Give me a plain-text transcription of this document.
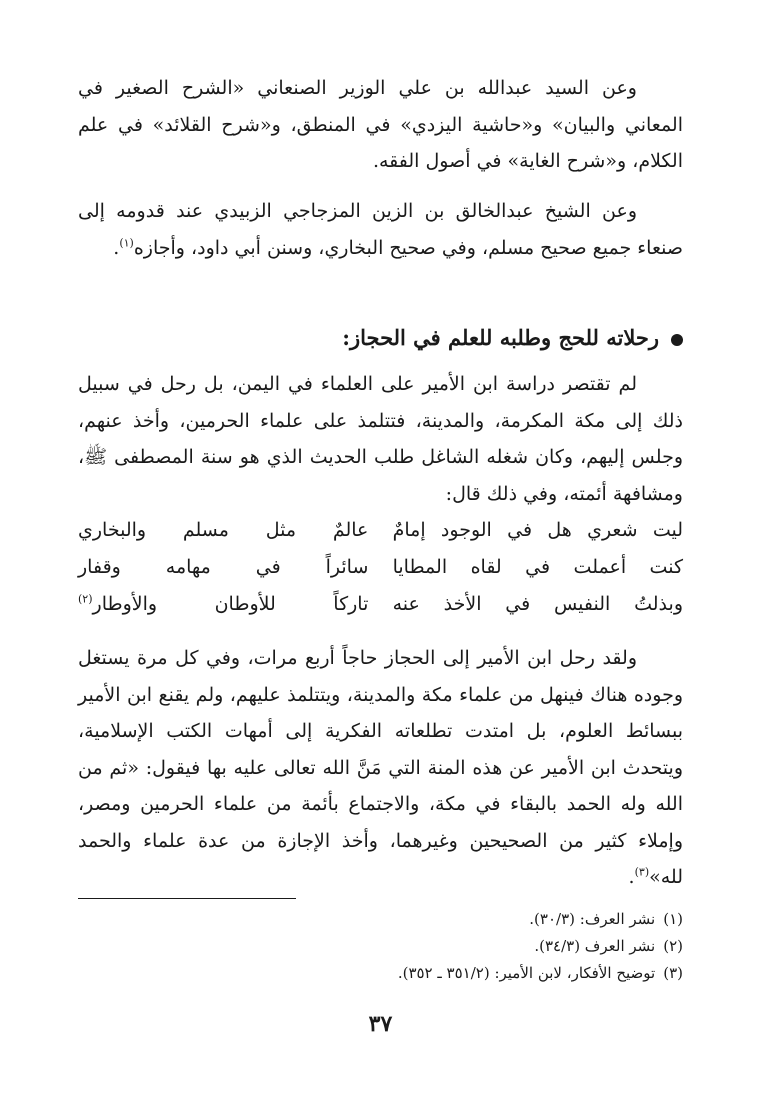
وعن السيد عبدالله بن علي الوزير الصنعاني «الشرح الصغير في المعاني والبيان» و«حاشية اليزدي» في المنطق، و«شرح القلائد» في علم الكلام، و«شرح الغاية» في أصول الفقه.

وعن الشيخ عبدالخالق بن الزين المزجاجي الزبيدي عند قدومه إلى صنعاء جميع صحيح مسلم، وفي صحيح البخاري، وسنن أبي داود، وأجازه$^{(١)}$.

رحلاته للحج وطلبه للعلم في الحجاز:

لم تقتصر دراسة ابن الأمير على العلماء في اليمن، بل رحل في سبيل ذلك إلى مكة المكرمة، والمدينة، فتتلمذ على علماء الحرمين، وأخذ عنهم، وجلس إليهم، وكان شغله الشاغل طلب الحديث الذي هو سنة المصطفى ﷺ، ومشافهة أئمته، وفي ذلك قال:

ليت شعري هل في الوجود إمامٌ
عالمٌ مثل مسلم والبخاري
كنت أعملت في لقاه المطايا
سائراً في مهامه وقفار
وبذلتُ النفيس في الأخذ عنه
تاركاً للأوطان والأوطار$^{(٢)}$

ولقد رحل ابن الأمير إلى الحجاز حاجاً أربع مرات، وفي كل مرة يستغل وجوده هناك فينهل من علماء مكة والمدينة، ويتتلمذ عليهم، ولم يقنع ابن الأمير ببسائط العلوم، بل امتدت تطلعاته الفكرية إلى أمهات الكتب الإسلامية، ويتحدث ابن الأمير عن هذه المنة التي مَنَّ الله تعالى عليه بها فيقول: «ثم من الله وله الحمد بالبقاء في مكة، والاجتماع بأئمة من علماء الحرمين ومصر، وإملاء كثير من الصحيحين وغيرهما، وأخذ الإجازة من عدة علماء والحمد لله»$^{(٣)}$.

(١)نشر العرف: (٣٠/٣).
(٢)نشر العرف (٣٤/٣).
(٣)توضيح الأفكار، لابن الأمير: (٣٥١/٢ ـ ٣٥٢).
٣٧
